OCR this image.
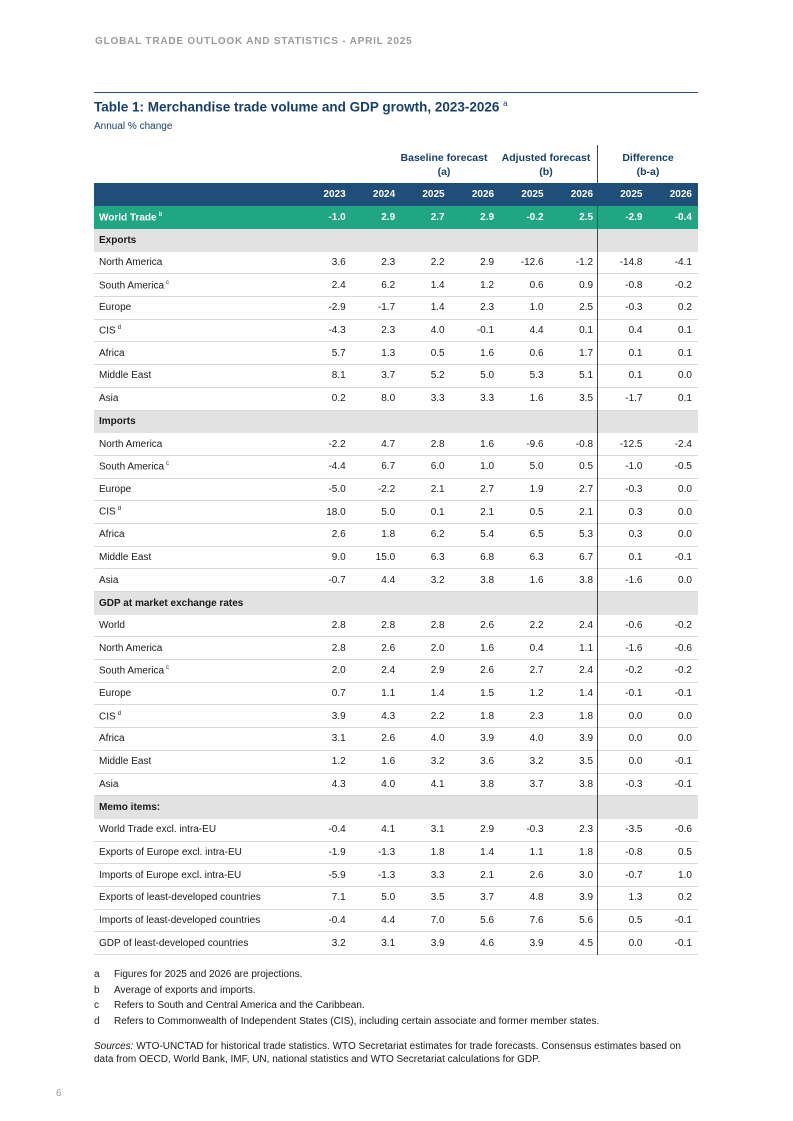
GLOBAL TRADE OUTLOOK AND STATISTICS - APRIL 2025
Table 1: Merchandise trade volume and GDP growth, 2023-2026 $^a$
Annual % change
Baseline forecast
(a)
Adjusted forecast
(b)
Difference
(b-a)
2023	2024	2025	2026	2025	2026	2025	2026
World Trade $^b$	-1.0	2.9	2.7	2.9	-0.2	2.5	-2.9	-0.4
Exports
North America	3.6	2.3	2.2	2.9	-12.6	-1.2	-14.8	-4.1
South America $^c$	2.4	6.2	1.4	1.2	0.6	0.9	-0.8	-0.2
Europe	-2.9	-1.7	1.4	2.3	1.0	2.5	-0.3	0.2
CIS $^d$	-4.3	2.3	4.0	-0.1	4.4	0.1	0.4	0.1
Africa	5.7	1.3	0.5	1.6	0.6	1.7	0.1	0.1
Middle East	8.1	3.7	5.2	5.0	5.3	5.1	0.1	0.0
Asia	0.2	8.0	3.3	3.3	1.6	3.5	-1.7	0.1
Imports
North America	-2.2	4.7	2.8	1.6	-9.6	-0.8	-12.5	-2.4
South America $^c$	-4.4	6.7	6.0	1.0	5.0	0.5	-1.0	-0.5
Europe	-5.0	-2.2	2.1	2.7	1.9	2.7	-0.3	0.0
CIS $^d$	18.0	5.0	0.1	2.1	0.5	2.1	0.3	0.0
Africa	2.6	1.8	6.2	5.4	6.5	5.3	0.3	0.0
Middle East	9.0	15.0	6.3	6.8	6.3	6.7	0.1	-0.1
Asia	-0.7	4.4	3.2	3.8	1.6	3.8	-1.6	0.0
GDP at market exchange rates
World	2.8	2.8	2.8	2.6	2.2	2.4	-0.6	-0.2
North America	2.8	2.6	2.0	1.6	0.4	1.1	-1.6	-0.6
South America $^c$	2.0	2.4	2.9	2.6	2.7	2.4	-0.2	-0.2
Europe	0.7	1.1	1.4	1.5	1.2	1.4	-0.1	-0.1
CIS $^d$	3.9	4.3	2.2	1.8	2.3	1.8	0.0	0.0
Africa	3.1	2.6	4.0	3.9	4.0	3.9	0.0	0.0
Middle East	1.2	1.6	3.2	3.6	3.2	3.5	0.0	-0.1
Asia	4.3	4.0	4.1	3.8	3.7	3.8	-0.3	-0.1
Memo items:
World Trade excl. intra-EU	-0.4	4.1	3.1	2.9	-0.3	2.3	-3.5	-0.6
Exports of Europe excl. intra-EU	-1.9	-1.3	1.8	1.4	1.1	1.8	-0.8	0.5
Imports of Europe excl. intra-EU	-5.9	-1.3	3.3	2.1	2.6	3.0	-0.7	1.0
Exports of least-developed countries	7.1	5.0	3.5	3.7	4.8	3.9	1.3	0.2
Imports of least-developed countries	-0.4	4.4	7.0	5.6	7.6	5.6	0.5	-0.1
GDP of least-developed countries	3.2	3.1	3.9	4.6	3.9	4.5	0.0	-0.1
a	Figures for 2025 and 2026 are projections.
b	Average of exports and imports.
c	Refers to South and Central America and the Caribbean.
d	Refers to Commonwealth of Independent States (CIS), including certain associate and former member states.
Sources: WTO-UNCTAD for historical trade statistics. WTO Secretariat estimates for trade forecasts. Consensus estimates based on data from OECD, World Bank, IMF, UN, national statistics and WTO Secretariat calculations for GDP.
6
